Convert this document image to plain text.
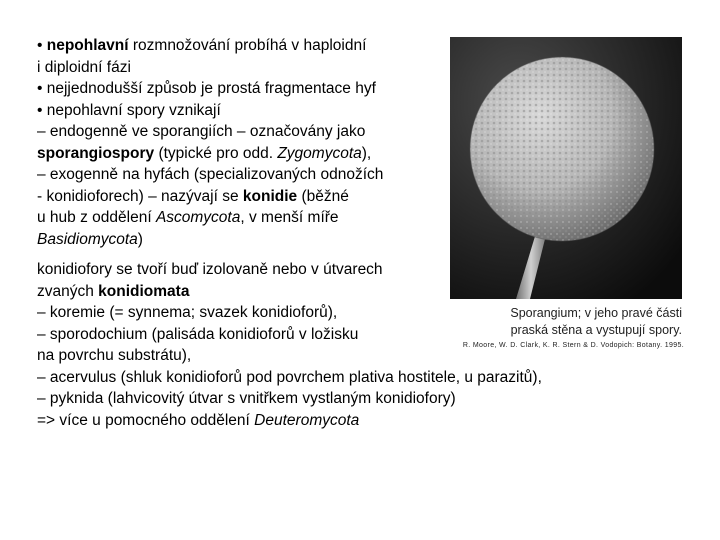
• nepohlavní rozmnožování probíhá v haploidní
i diploidní fázi
• nejjednodušší způsob je prostá fragmentace hyf
• nepohlavní spory vznikají
– endogenně ve sporangiích – označovány jako
sporangiospory (typické pro odd. Zygomycota),
– exogenně na hyfách (specializovaných odnožích
- konidioforech) – nazývají se konidie (běžné
u hub z oddělení Ascomycota, v menší míře
Basidiomycota)
konidiofory se tvoří buď izolovaně nebo v útvarech
zvaných konidiomata
– koremie (= synnema; svazek konidioforů),
– sporodochium (palisáda konidioforů v ložisku
na povrchu substrátu),
– acervulus (shluk konidioforů pod povrchem plativa hostitele, u parazitů),
– pyknida (lahvicovitý útvar s vnitřkem vystlaným konidiofory)
=> více u pomocného oddělení Deuteromycota
Sporangium; v jeho pravé části
praská stěna a vystupují spory.
R. Moore, W. D. Clark, K. R. Stern & D. Vodopich: Botany. 1995.
